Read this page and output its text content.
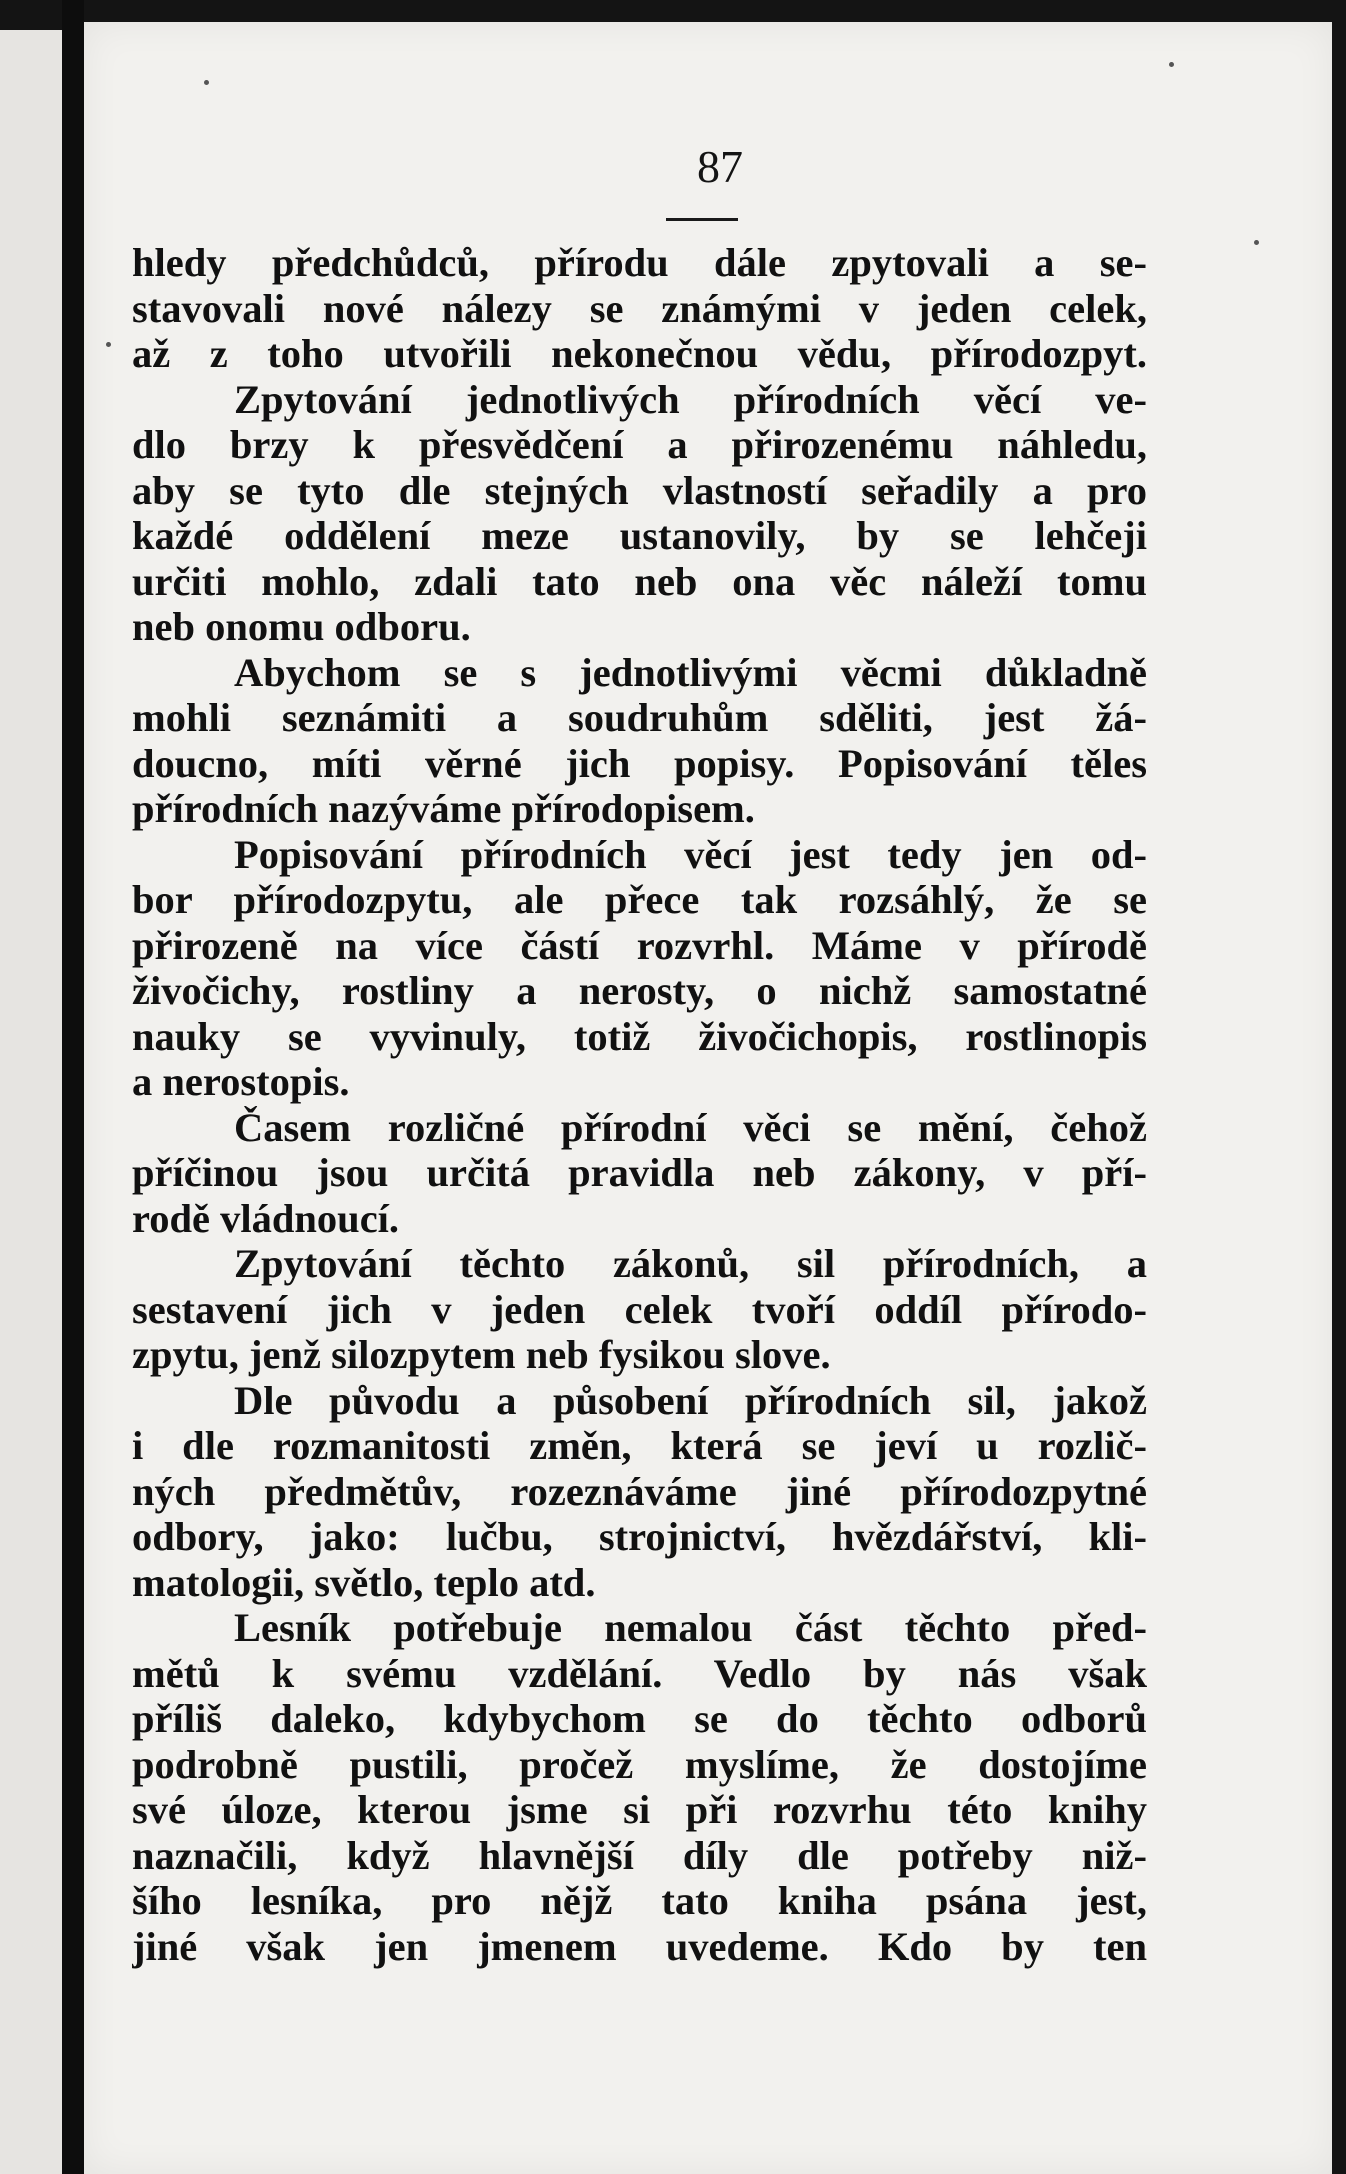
87
hledy předchůdců, přírodu dále zpytovali a se-
stavovali nové nálezy se známými v jeden celek,
až z toho utvořili nekonečnou vědu, přírodozpyt.
Zpytování jednotlivých přírodních věcí ve-
dlo brzy k přesvědčení a přirozenému náhledu,
aby se tyto dle stejných vlastností seřadily a pro
každé oddělení meze ustanovily, by se lehčeji
určiti mohlo, zdali tato neb ona věc náleží tomu
neb onomu odboru.
Abychom se s jednotlivými věcmi důkladně
mohli seznámiti a soudruhům sděliti, jest žá-
doucno, míti věrné jich popisy. Popisování těles
přírodních nazýváme přírodopisem.
Popisování přírodních věcí jest tedy jen od-
bor přírodozpytu, ale přece tak rozsáhlý, že se
přirozeně na více částí rozvrhl. Máme v přírodě
živočichy, rostliny a nerosty, o nichž samostatné
nauky se vyvinuly, totiž živočichopis, rostlinopis
a nerostopis.
Časem rozličné přírodní věci se mění, čehož
příčinou jsou určitá pravidla neb zákony, v pří-
rodě vládnoucí.
Zpytování těchto zákonů, sil přírodních, a
sestavení jich v jeden celek tvoří oddíl přírodo-
zpytu, jenž silozpytem neb fysikou slove.
Dle původu a působení přírodních sil, jakož
i dle rozmanitosti změn, která se jeví u rozlič-
ných předmětův, rozeznáváme jiné přírodozpytné
odbory, jako: lučbu, strojnictví, hvězdářství, kli-
matologii, světlo, teplo atd.
Lesník potřebuje nemalou část těchto před-
mětů k svému vzdělání. Vedlo by nás však
příliš daleko, kdybychom se do těchto odborů
podrobně pustili, pročež myslíme, že dostojíme
své úloze, kterou jsme si při rozvrhu této knihy
naznačili, když hlavnější díly dle potřeby niž-
šího lesníka, pro nějž tato kniha psána jest,
jiné však jen jmenem uvedeme. Kdo by ten
